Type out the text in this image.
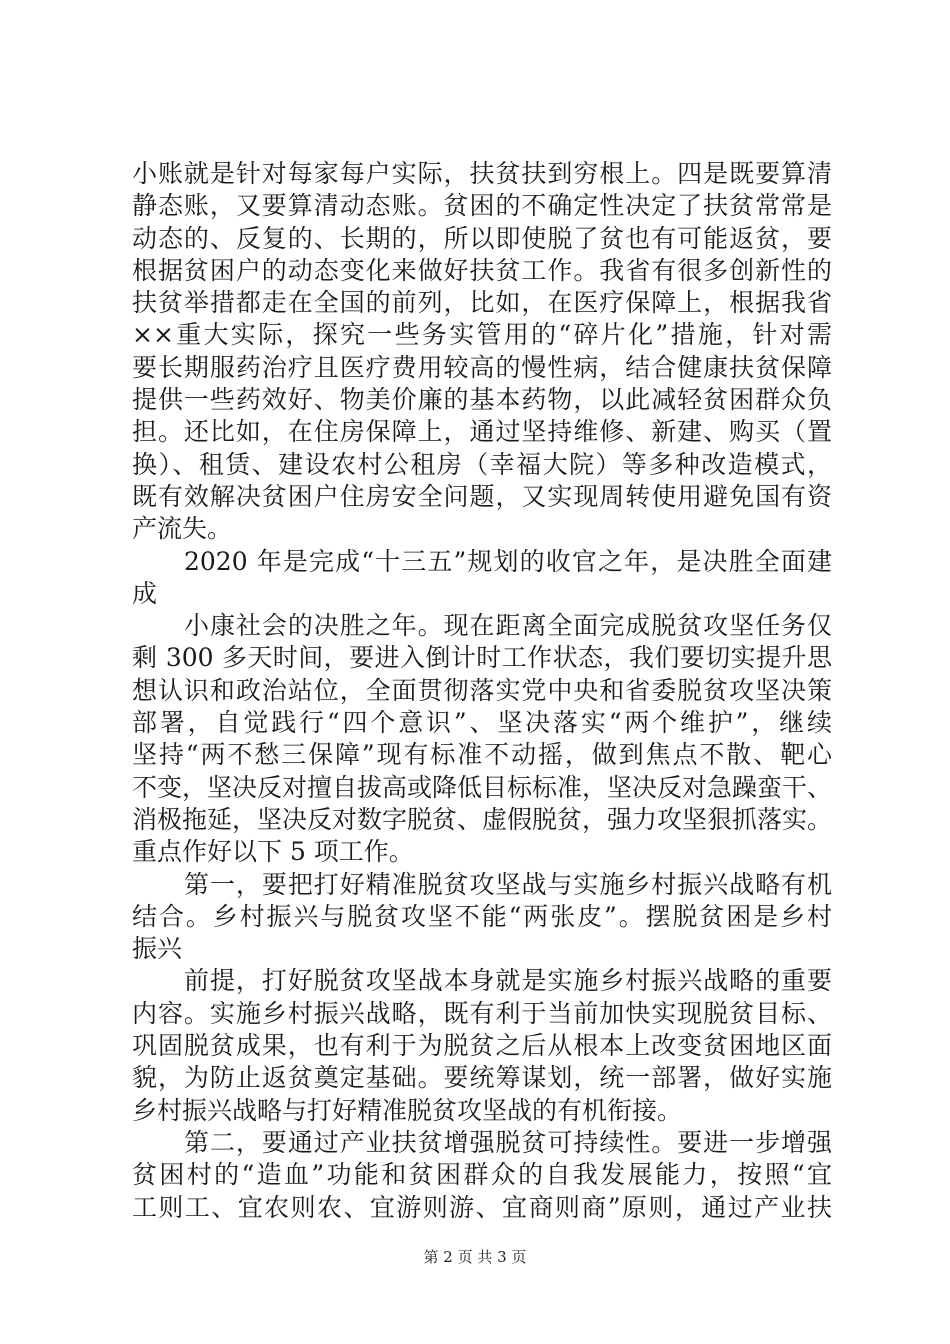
小账就是针对每家每户实际，扶贫扶到穷根上。四是既要算清
静态账，又要算清动态账。贫困的不确定性决定了扶贫常常是
动态的、反复的、长期的，所以即使脱了贫也有可能返贫，要
根据贫困户的动态变化来做好扶贫工作。我省有很多创新性的
扶贫举措都走在全国的前列，比如，在医疗保障上，根据我省
××重大实际，探究一些务实管用的“碎片化”措施，针对需
要长期服药治疗且医疗费用较高的慢性病，结合健康扶贫保障
提供一些药效好、物美价廉的基本药物，以此减轻贫困群众负
担。还比如，在住房保障上，通过坚持维修、新建、购买（置
换）、租赁、建设农村公租房（幸福大院）等多种改造模式，
既有效解决贫困户住房安全问题，又实现周转使用避免国有资
产流失。
2020 年是完成“十三五”规划的收官之年，是决胜全面建
成
小康社会的决胜之年。现在距离全面完成脱贫攻坚任务仅
剩 300 多天时间，要进入倒计时工作状态，我们要切实提升思
想认识和政治站位，全面贯彻落实党中央和省委脱贫攻坚决策
部署，自觉践行“四个意识”、坚决落实“两个维护”，继续
坚持“两不愁三保障”现有标准不动摇，做到焦点不散、靶心
不变，坚决反对擅自拔高或降低目标标准，坚决反对急躁蛮干、
消极拖延，坚决反对数字脱贫、虚假脱贫，强力攻坚狠抓落实。
重点作好以下 5 项工作。
第一，要把打好精准脱贫攻坚战与实施乡村振兴战略有机
结合。乡村振兴与脱贫攻坚不能“两张皮”。摆脱贫困是乡村
振兴
前提，打好脱贫攻坚战本身就是实施乡村振兴战略的重要
内容。实施乡村振兴战略，既有利于当前加快实现脱贫目标、
巩固脱贫成果，也有利于为脱贫之后从根本上改变贫困地区面
貌，为防止返贫奠定基础。要统筹谋划，统一部署，做好实施
乡村振兴战略与打好精准脱贫攻坚战的有机衔接。
第二，要通过产业扶贫增强脱贫可持续性。要进一步增强
贫困村的“造血”功能和贫困群众的自我发展能力，按照“宜
工则工、宜农则农、宜游则游、宜商则商”原则，通过产业扶
第 2 页 共 3 页
